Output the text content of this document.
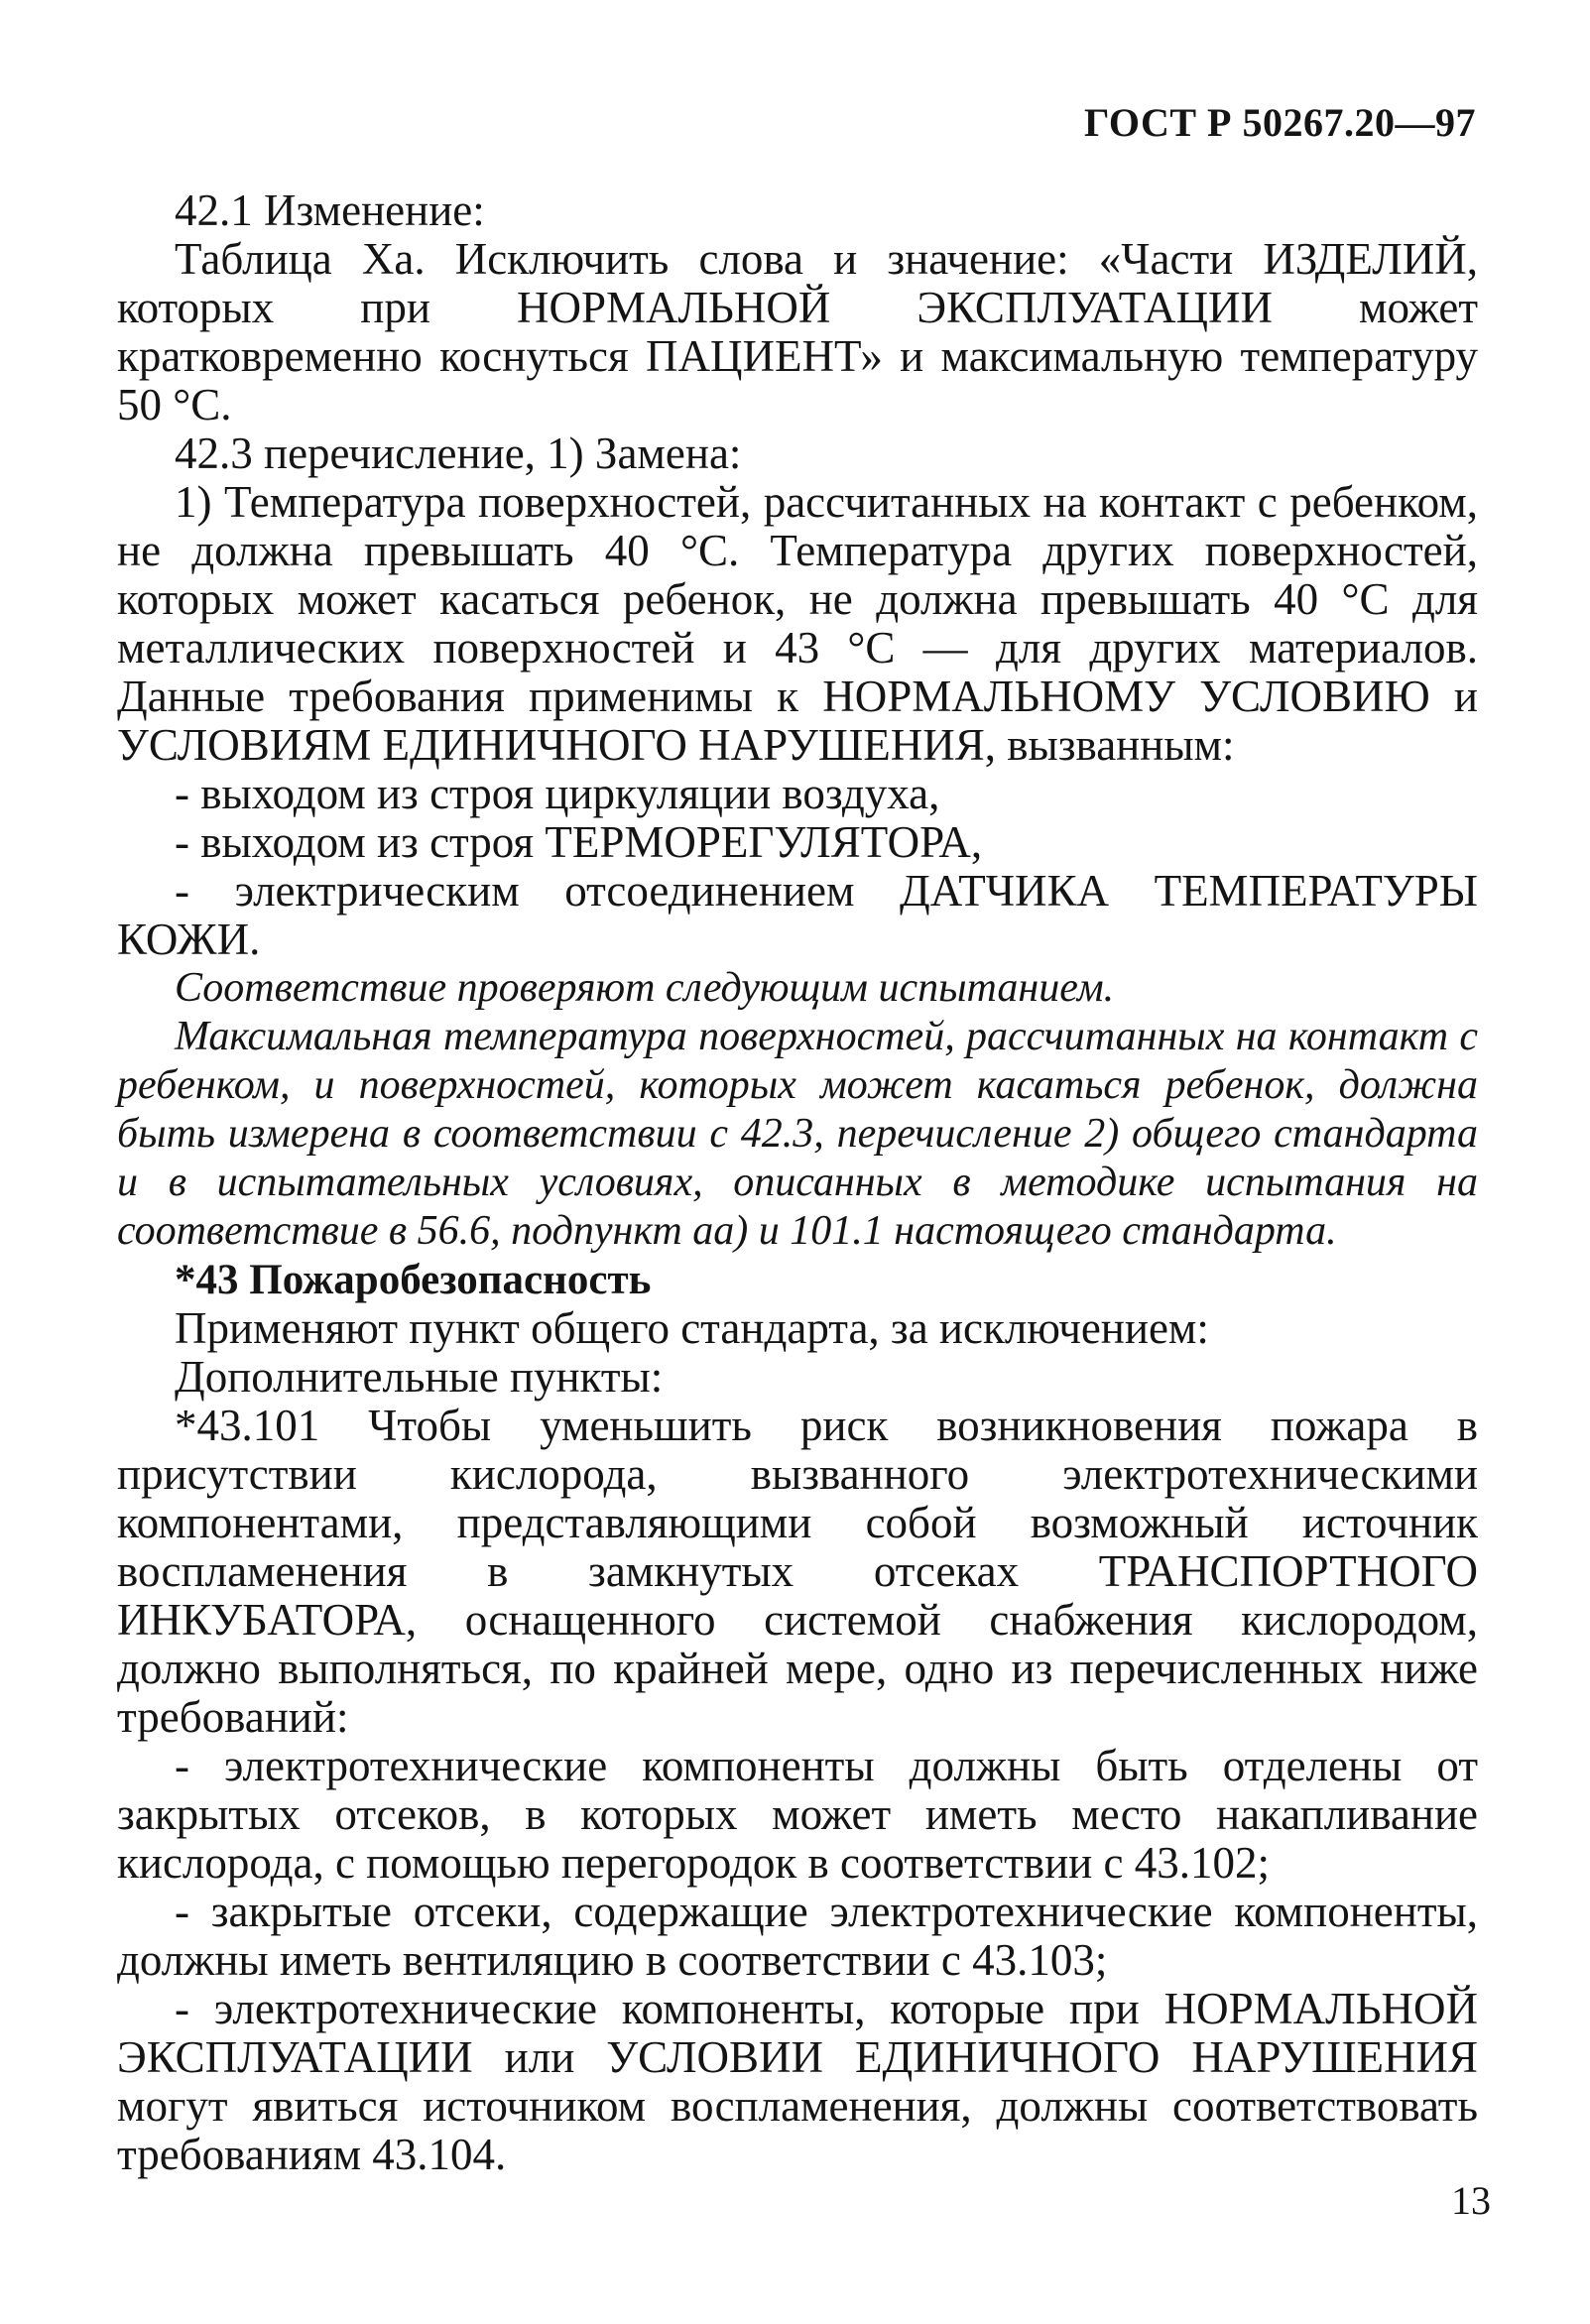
ГОСТ Р 50267.20—97

42.1 Изменение:

Таблица Ха. Исключить слова и значение: «Части ИЗДЕЛИЙ, которых при НОРМАЛЬНОЙ ЭКСПЛУАТАЦИИ может кратковременно коснуться ПАЦИЕНТ» и максимальную температуру 50 °С.

42.3 перечисление, 1) Замена:

1) Температура поверхностей, рассчитанных на контакт с ребенком, не должна превышать 40 °С. Температура других поверхностей, которых может касаться ребенок, не должна превышать 40 °С для металлических поверхностей и 43 °С — для других материалов. Данные требования применимы к НОРМАЛЬНОМУ УСЛОВИЮ и УСЛОВИЯМ ЕДИНИЧНОГО НАРУШЕНИЯ, вызванным:

- выходом из строя циркуляции воздуха,

- выходом из строя ТЕРМОРЕГУЛЯТОРА,

- электрическим отсоединением ДАТЧИКА ТЕМПЕРАТУРЫ КОЖИ.

Соответствие проверяют следующим испытанием.

Максимальная температура поверхностей, рассчитанных на контакт с ребенком, и поверхностей, которых может касаться ребенок, должна быть измерена в соответствии с 42.3, перечисление 2) общего стандарта и в испытательных условиях, описанных в методике испытания на соответствие в 56.6, подпункт аа) и 101.1 настоящего стандарта.

*43 Пожаробезопасность

Применяют пункт общего стандарта, за исключением:

Дополнительные пункты:

*43.101 Чтобы уменьшить риск возникновения пожара в присутствии кислорода, вызванного электротехническими компонентами, представляющими собой возможный источник воспламенения в замкнутых отсеках ТРАНСПОРТНОГО ИНКУБАТОРА, оснащенного системой снабжения кислородом, должно выполняться, по крайней мере, одно из перечисленных ниже требований:

- электротехнические компоненты должны быть отделены от закрытых отсеков, в которых может иметь место накапливание кислорода, с помощью перегородок в соответствии с 43.102;

- закрытые отсеки, содержащие электротехнические компоненты, должны иметь вентиляцию в соответствии с 43.103;

- электротехнические компоненты, которые при НОРМАЛЬНОЙ ЭКСПЛУАТАЦИИ или УСЛОВИИ ЕДИНИЧНОГО НАРУШЕНИЯ могут явиться источником воспламенения, должны соответствовать требованиям 43.104.

13
